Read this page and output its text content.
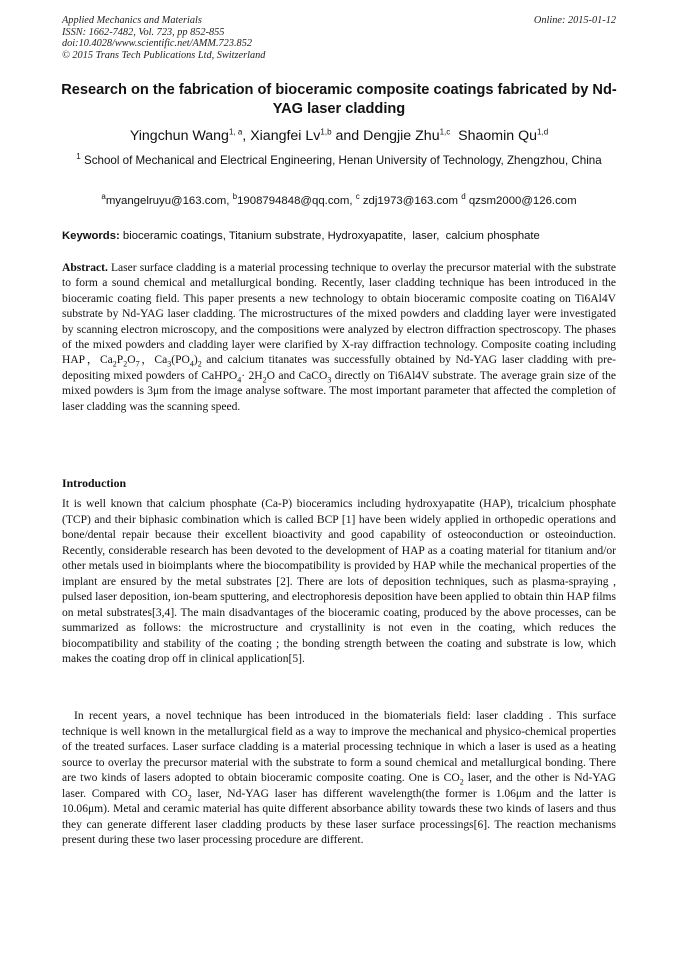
Applied Mechanics and Materials
ISSN: 1662-7482, Vol. 723, pp 852-855
doi:10.4028/www.scientific.net/AMM.723.852
© 2015 Trans Tech Publications Ltd, Switzerland
Online: 2015-01-12
Research on the fabrication of bioceramic composite coatings fabricated by Nd-YAG laser cladding
Yingchun Wang$^{1, a}$, Xiangfei Lv$^{1,b}$ and Dengjie Zhu$^{1,c}$ Shaomin Qu$^{1,d}$
$^1$ School of Mechanical and Electrical Engineering, Henan University of Technology, Zhengzhou, China
$^a$myangelruyu@163.com, $^b$1908794848@qq.com, $^c$ zdj1973@163.com $^d$ qzsm2000@126.com
Keywords: bioceramic coatings, Titanium substrate, Hydroxyapatite,  laser,  calcium phosphate
Abstract. Laser surface cladding is a material processing technique to overlay the precursor material with the substrate to form a sound chemical and metallurgical bonding. Recently, laser cladding technique has been introduced in the bioceramic coating field. This paper presents a new technology to obtain bioceramic composite coating on Ti6Al4V substrate by Nd-YAG laser cladding. The microstructures of the mixed powders and cladding layer were investigated by scanning electron microscopy, and the compositions were analyzed by electron diffraction spectroscopy. The phases of the mixed powders and cladding layer were clarified by X-ray diffraction technology. Composite coating including HAP，$Ca_2P_2O_7$，$Ca_3(PO_4)_2$ and calcium titanates was successfully obtained by Nd-YAG laser cladding with pre-depositing mixed powders of CaHPO$_4$· $2H_2O$ and CaCO$_3$ directly on Ti6Al4V substrate. The average grain size of the mixed powders is 3μm from the image analyse software. The most important parameter that affected the completion of laser cladding was the scanning speed.
Introduction
It is well known that calcium phosphate (Ca-P) bioceramics including hydroxyapatite (HAP), tricalcium phosphate (TCP) and their biphasic combination which is called BCP [1] have been widely applied in orthopedic operations and bone/dental repair because their excellent bioactivity and good capability of osteoconduction or osteoinduction. Recently, considerable research has been devoted to the development of HAP as a coating material for titanium and/or other metals used in bioimplants where the biocompatibility is provided by HAP while the mechanical properties of the implant are ensured by the metal substrates [2]. There are lots of deposition techniques, such as plasma-spraying , pulsed laser deposition, ion-beam sputtering, and electrophoresis deposition have been applied to obtain thin HAP films on metal substrates[3,4]. The main disadvantages of the bioceramic coating, produced by the above processes, can be summarized as follows: the microstructure and crystallinity is not even in the coating, which reduces the biocompatibility and stability of the coating ; the bonding strength between the coating and substrate is low, which makes the coating drop off in clinical application[5].
In recent years, a novel technique has been introduced in the biomaterials field: laser cladding . This surface technique is well known in the metallurgical field as a way to improve the mechanical and physico-chemical properties of the treated surfaces. Laser surface cladding is a material processing technique in which a laser is used as a heating source to overlay the precursor material with the substrate to form a sound chemical and metallurgical bonding. There are two kinds of lasers adopted to obtain bioceramic composite coating. One is $CO_2$ laser, and the other is Nd-YAG laser. Compared with $CO_2$ laser, Nd-YAG laser has different wavelength(the former is 1.06μm and the latter is 10.06μm). Metal and ceramic material has quite different absorbance ability towards these two kinds of lasers and thus they can generate different laser cladding products by these laser surface processings[6]. The reaction mechanisms present during these two laser processing procedure are different.
